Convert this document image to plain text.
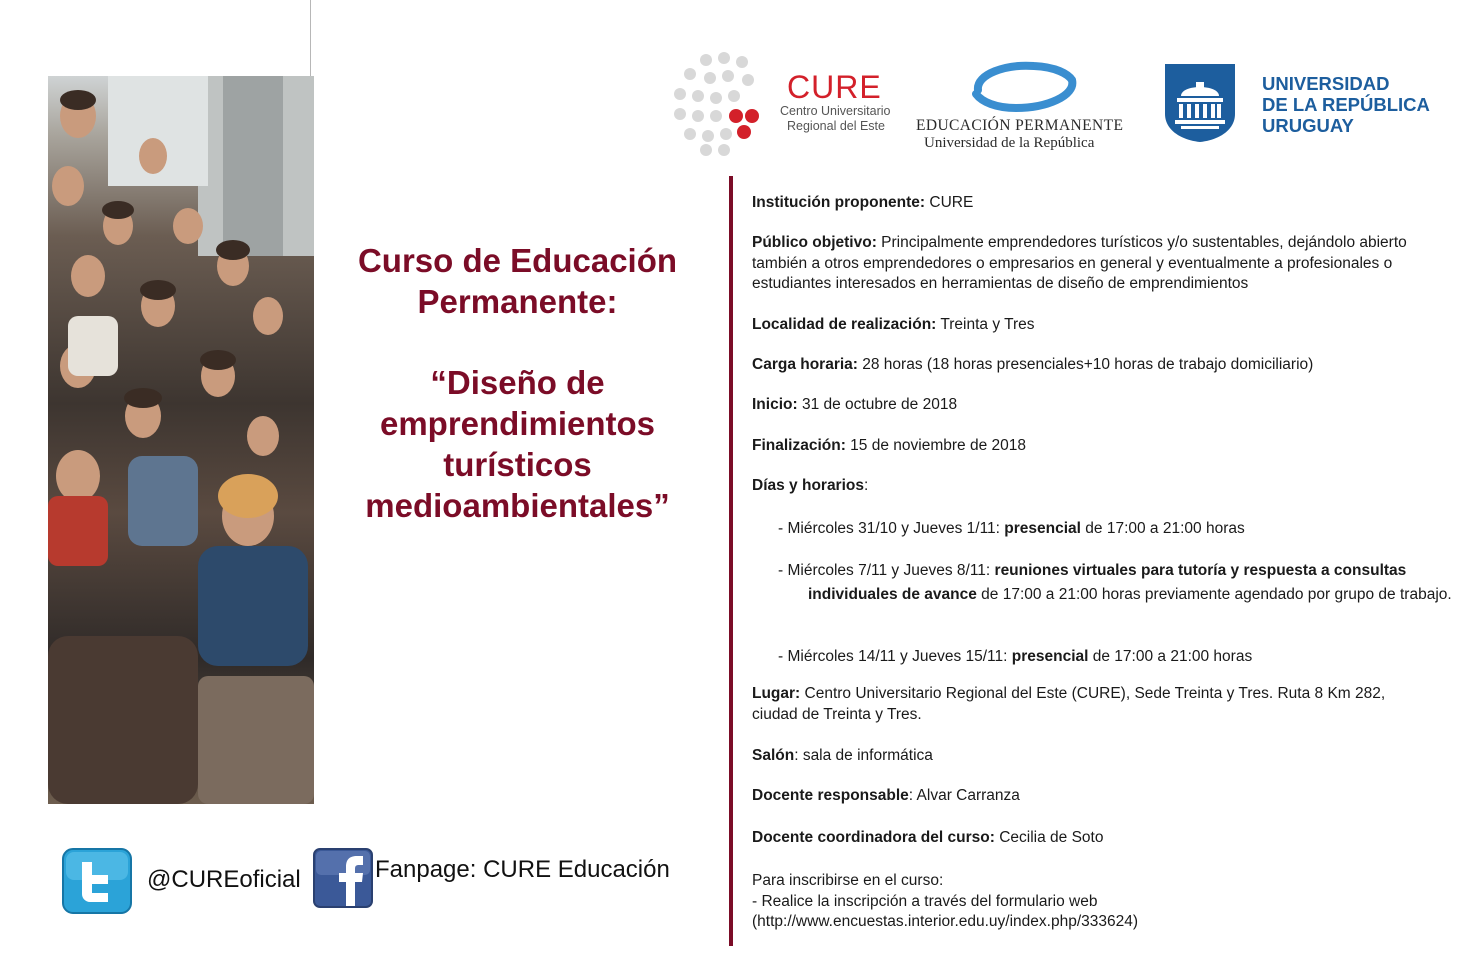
Curso de Educación Permanente:
“Diseño de emprendimientos turísticos medioambientales”
@CUREoficial	Fanpage: CURE Educación
CURE
Centro Universitario
Regional del Este	EDUCACIÓN PERMANENTE
Universidad de la República
UNIVERSIDAD
DE LA REPÚBLICA
URUGUAY

Institución proponente: CURE

Público objetivo: Principalmente emprendedores turísticos y/o sustentables, dejándolo abierto también a otros emprendedores o empresarios en general y eventualmente a profesionales o estudiantes interesados en herramientas de diseño de emprendimientos

Localidad de realización: Treinta y Tres

Carga horaria: 28 horas (18 horas presenciales+10 horas de trabajo domiciliario)

Inicio: 31 de octubre de 2018

Finalización: 15 de noviembre de 2018

Días y horarios:

- Miércoles 31/10 y Jueves 1/11: presencial de 17:00 a 21:00 horas

- Miércoles 7/11 y Jueves 8/11: reuniones virtuales para tutoría y respuesta a consultas individuales de avance de 17:00 a 21:00 horas previamente agendado por grupo de trabajo.

- Miércoles 14/11 y Jueves 15/11: presencial de 17:00 a 21:00 horas

Lugar: Centro Universitario Regional del Este (CURE), Sede Treinta y Tres. Ruta 8 Km 282, ciudad de Treinta y Tres.

Salón: sala de informática

Docente responsable: Alvar Carranza

Docente coordinadora del curso: Cecilia de Soto

Para inscribirse en el curso:
- Realice la inscripción a través del formulario web
(http://www.encuestas.interior.edu.uy/index.php/333624)
